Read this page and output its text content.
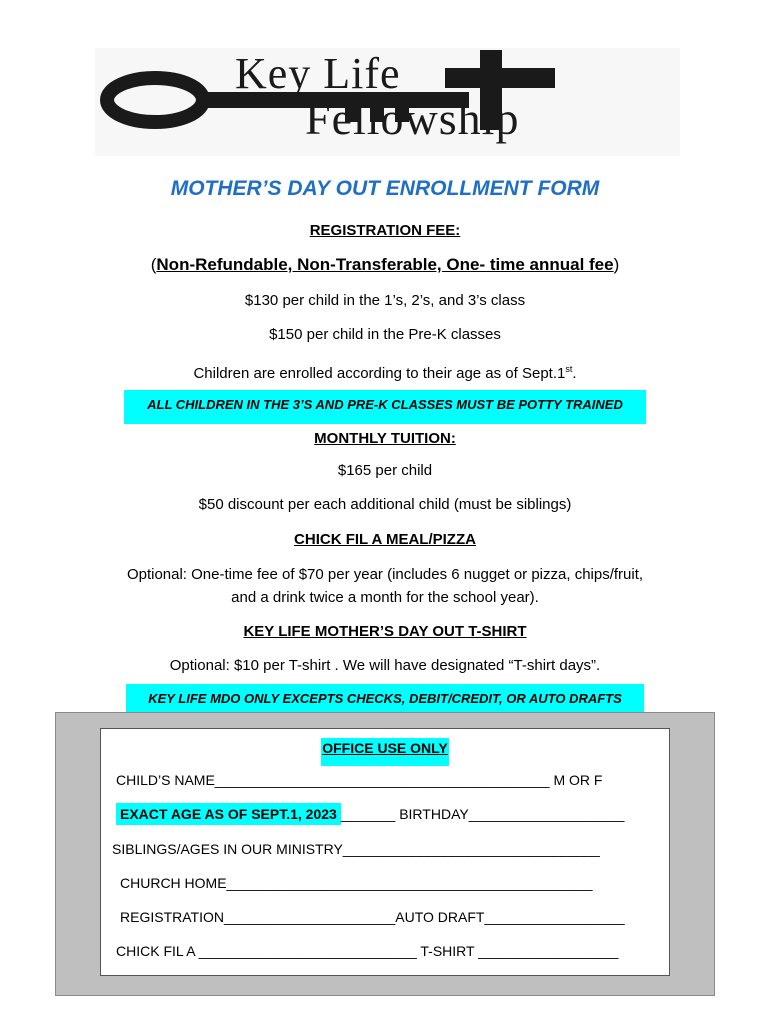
Key Life
Fellowship
MOTHER’S DAY OUT ENROLLMENT FORM
REGISTRATION FEE:
(Non-Refundable, Non-Transferable, One- time annual fee)
$130 per child in the 1’s, 2’s, and 3’s class
$150 per child in the Pre-K classes
Children are enrolled according to their age as of Sept.1st.
ALL CHILDREN IN THE 3’S AND PRE-K CLASSES MUST BE POTTY TRAINED
MONTHLY TUITION:
$165 per child
$50 discount per each additional child (must be siblings)
CHICK FIL A MEAL/PIZZA
Optional: One-time fee of $70 per year (includes 6 nugget or pizza, chips/fruit,
and a drink twice a month for the school year).
KEY LIFE MOTHER’S DAY OUT T-SHIRT
Optional: $10 per T-shirt . We will have designated “T-shirt days”.
KEY LIFE MDO ONLY EXCEPTS CHECKS, DEBIT/CREDIT, OR AUTO DRAFTS
OFFICE USE ONLY
CHILD’S NAME___________________________________________ M OR F
EXACT AGE AS OF SEPT.1, 2023 _______ BIRTHDAY____________________
SIBLINGS/AGES IN OUR MINISTRY_________________________________
CHURCH HOME_______________________________________________
REGISTRATION______________________AUTO DRAFT__________________
CHICK FIL A ____________________________ T-SHIRT __________________
